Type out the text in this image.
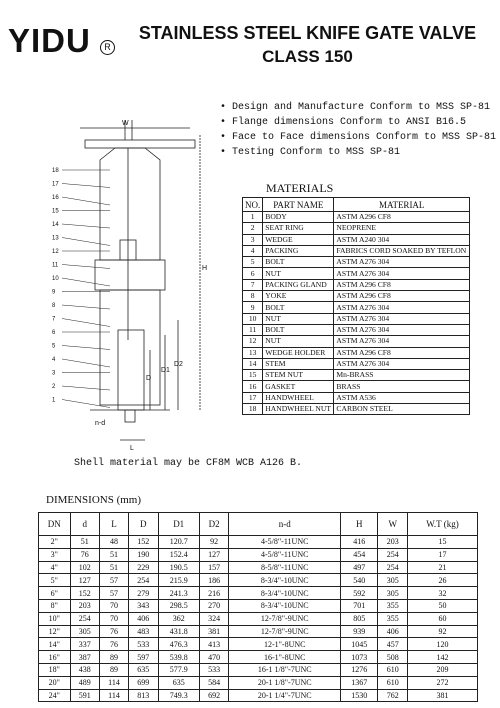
YIDU	R
STAINLESS STEEL KNIFE GATE VALVE
CLASS 150
• Design and Manufacture Conform to MSS SP-81
• Flange dimensions Conform to ANSI B16.5
• Face to Face dimensions Conform to MSS SP-81
• Testing Conform to MSS SP-81
W
H
D
D1
D2
L
n-d
18
17
16
15
14
13
12
11
10
9
8
7
6
5
4
3
2
1
MATERIALS
NO.	PART NAME	MATERIAL
1	BODY	ASTM A296 CF8
2	SEAT RING	NEOPRENE
3	WEDGE	ASTM A240 304
4	PACKING	FABRICS CORD SOAKED BY TEFLON
5	BOLT	ASTM A276 304
6	NUT	ASTM A276 304
7	PACKING GLAND	ASTM A296 CF8
8	YOKE	ASTM A296 CF8
9	BOLT	ASTM A276 304
10	NUT	ASTM A276 304
11	BOLT	ASTM A276 304
12	NUT	ASTM A276 304
13	WEDGE HOLDER	ASTM A296 CF8
14	STEM	ASTM A276 304
15	STEM NUT	Mn-BRASS
16	GASKET	BRASS
17	HANDWHEEL	ASTM A536
18	HANDWHEEL NUT	CARBON STEEL
Shell material may be CF8M WCB A126 B.
DIMENSIONS (mm)
DN	d	L	D	D1	D2	n-d	H	W	W.T (kg)
2"	51	48	152	120.7	92	4-5/8"-11UNC	416	203	15
3"	76	51	190	152.4	127	4-5/8"-11UNC	454	254	17
4"	102	51	229	190.5	157	8-5/8"-11UNC	497	254	21
5"	127	57	254	215.9	186	8-3/4"-10UNC	540	305	26
6"	152	57	279	241.3	216	8-3/4"-10UNC	592	305	32
8"	203	70	343	298.5	270	8-3/4"-10UNC	701	355	50
10"	254	70	406	362	324	12-7/8"-9UNC	805	355	60
12"	305	76	483	431.8	381	12-7/8"-9UNC	939	406	92
14"	337	76	533	476.3	413	12-1"-8UNC	1045	457	120
16"	387	89	597	539.8	470	16-1"-8UNC	1073	508	142
18"	438	89	635	577.9	533	16-1 1/8"-7UNC	1276	610	209
20"	489	114	699	635	584	20-1 1/8"-7UNC	1367	610	272
24"	591	114	813	749.3	692	20-1 1/4"-7UNC	1530	762	381
